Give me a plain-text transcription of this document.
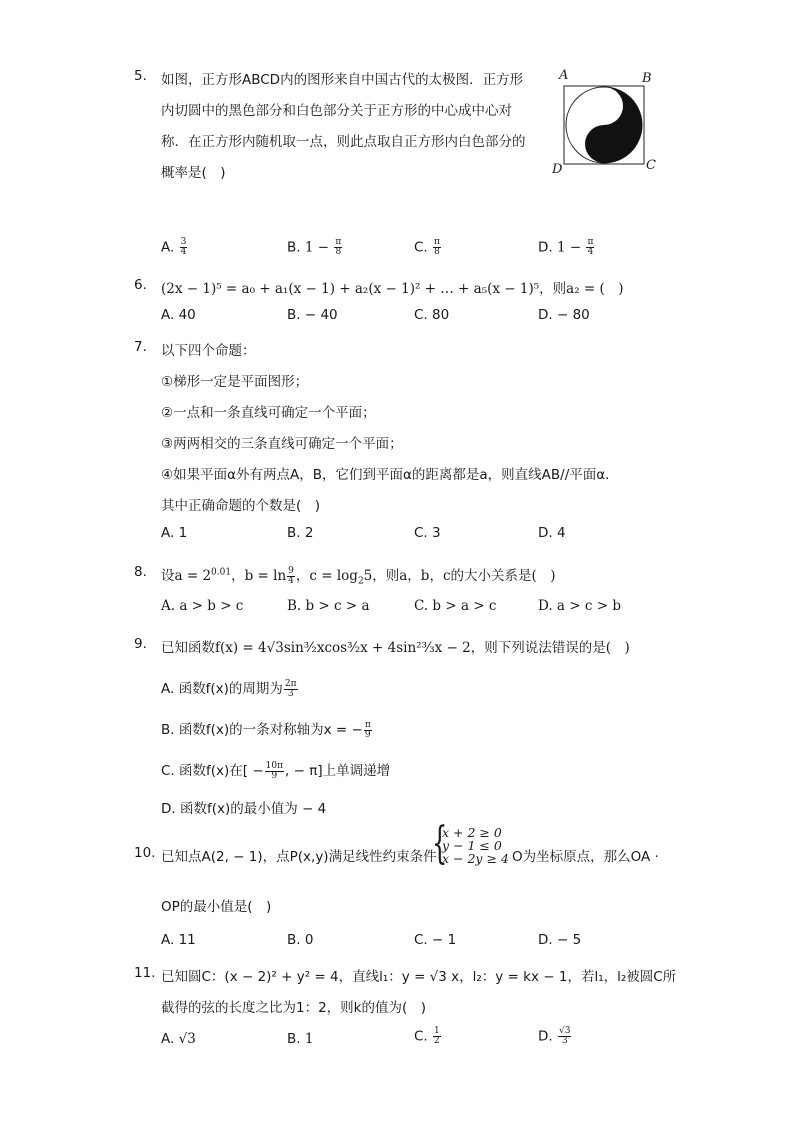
5. 如图，正方形ABCD内的图形来自中国古代的太极图．正方形
内切圆中的黑色部分和白色部分关于正方形的中心成中心对
称．在正方形内随机取一点，则此点取自正方形内白色部分的
概率是(　)
A	B
C
D
A. $\frac{3}{4}$	B. $1 - \frac{\pi}{8}$	C. $\frac{\pi}{8}$	D. $1 - \frac{\pi}{4}$
6. (2x − 1)⁵ = a₀ + a₁(x − 1) + a₂(x − 1)² + … + a₅(x − 1)⁵，则a₂ = (　)
A. 40	B. − 40	C. 80	D. − 80
7. 以下四个命题：
①梯形一定是平面图形；
②一点和一条直线可确定一个平面；
③两两相交的三条直线可确定一个平面；
④如果平面α外有两点A，B，它们到平面α的距离都是a，则直线AB//平面α．
其中正确命题的个数是(　)
A. 1	B. 2	C. 3	D. 4
8. 设$a = 2^{0.01}$，$b = \ln \frac{9}{4}$ ，$c = \log_25$，则a，b，c的大小关系是(　)
A. a > b > c	B. b > c > a	C. b > a > c	D. a > c > b
9. 已知函数f(x) = 4√3sin³⁄₂xcos³⁄₂x + 4sin²³⁄₃x − 2，则下列说法错误的是(　)
A. 函数f(x)的周期为 $\frac{2\pi}{3}$
B. 函数f(x)的一条对称轴为x = − $\frac{\pi}{9}$
C. 函数f(x)在[ − $\frac{10\pi}{9}$ , − π]上单调递增
D. 函数f(x)的最小值为 − 4
10. 已知点A(2, − 1)，点P(x,y)满足线性约束条件
{
x + 2 ≥ 0
y − 1 ≤ 0
x − 2y ≥ 4 O为坐标原点，那么OA ·
OP的最小值是(　)
A. 11	B. 0	C. − 1	D. − 5
11. 已知圆C：(x − 2)² + y² = 4，直线l₁：y = √3 x，l₂：y = kx − 1，若l₁，l₂被圆C所
截得的弦的长度之比为1：2，则k的值为(　)
A. √3	B. 1	C. $\frac{1}{2}$	D. $\frac{√3}{3}$
